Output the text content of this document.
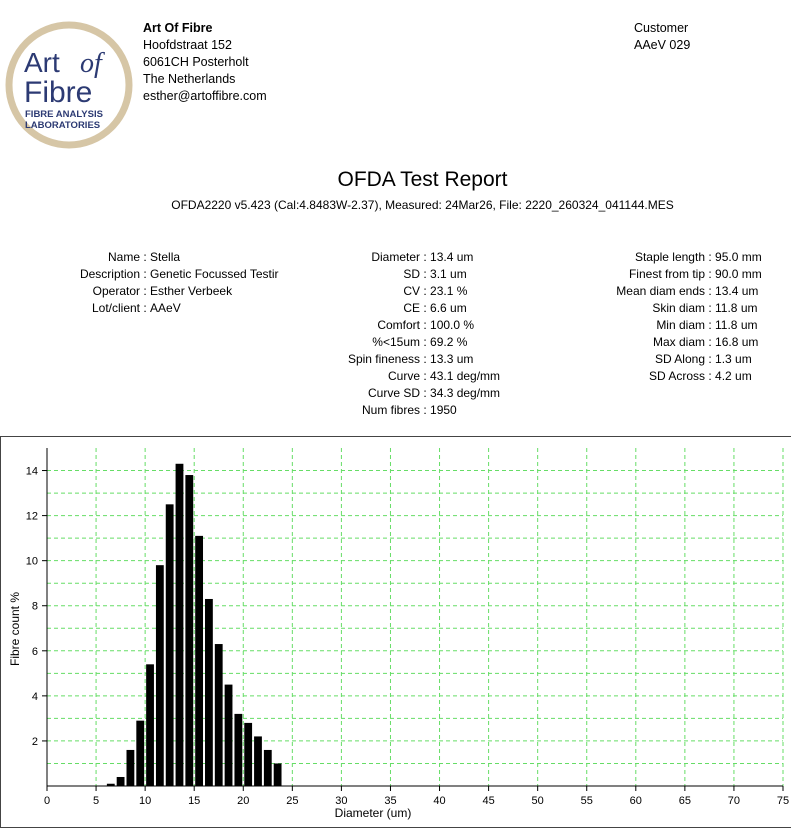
Art of
Fibre
FIBRE ANALYSIS
LABORATORIES
Art Of Fibre
Hoofdstraat 152
6061CH Posterholt
The Netherlands
esther@artoffibre.com
Customer
AAeV 029
OFDA Test Report
OFDA2220 v5.423 (Cal:4.8483W-2.37), Measured: 24Mar26, File: 2220_260324_041144.MES
Name : Stella
Description : Genetic Focussed Testir
Operator : Esther Verbeek
Lot/client : AAeV
Diameter : 13.4 um
SD : 3.1 um
CV : 23.1 %
CE : 6.6 um
Comfort : 100.0 %
%<15um : 69.2 %
Spin fineness : 13.3 um
Curve : 43.1 deg/mm
Curve SD : 34.3 deg/mm
Num fibres : 1950
Staple length : 95.0 mm
Finest from tip : 90.0 mm
Mean diam ends : 13.4 um
Skin diam : 11.8 um
Min diam : 11.8 um
Max diam : 16.8 um
SD Along : 1.3 um
SD Across : 4.2 um
0	5	10	15	20	25	30	35	40	45	50	55	60	65	70	75
2
4
6
8
10
12
14
Diameter (um)
Fibre count %
